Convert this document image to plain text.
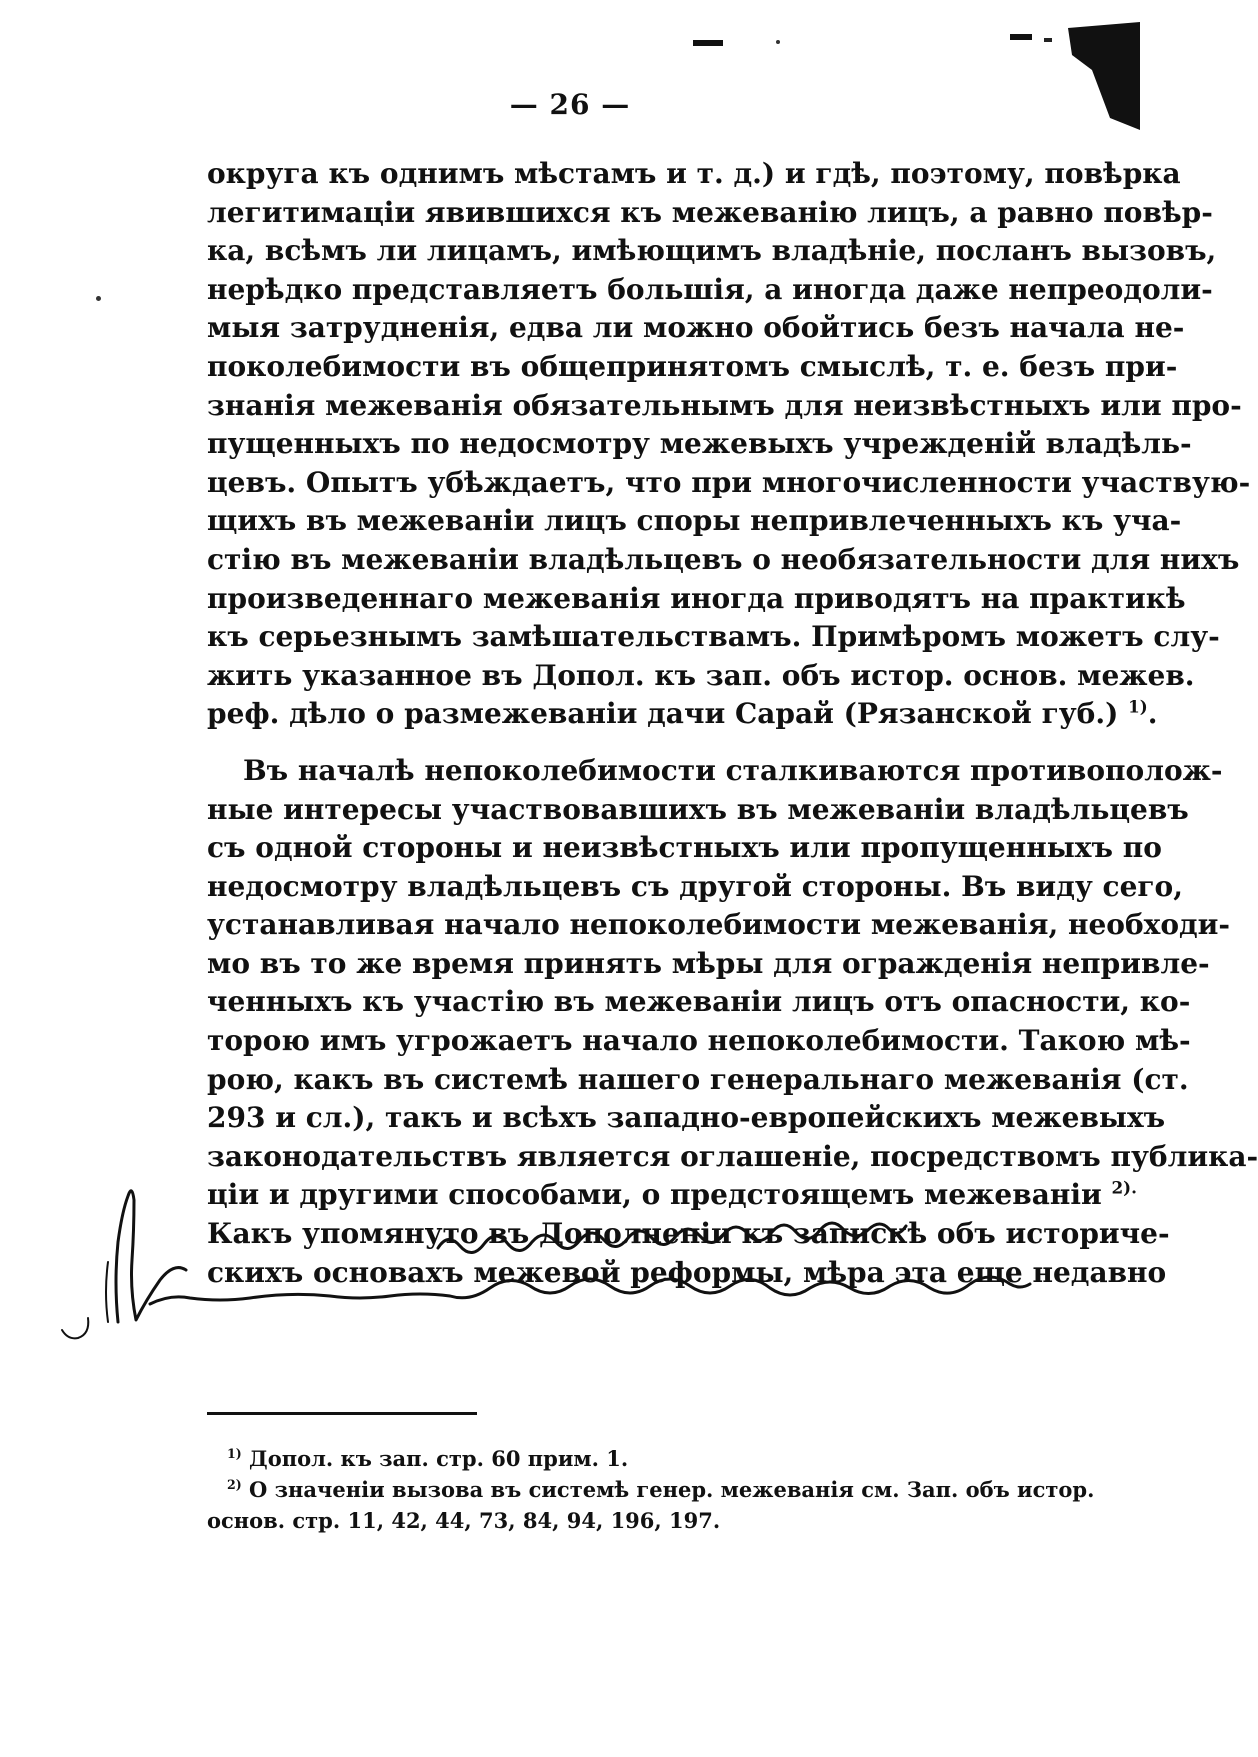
— 26 —
округа къ однимъ мѣстамъ и т. д.) и гдѣ, поэтому, повѣрка
легитимаціи явившихся къ межеванію лицъ, а равно повѣр-
ка, всѣмъ ли лицамъ, имѣющимъ владѣніе, посланъ вызовъ,
нерѣдко представляетъ большія, а иногда даже непреодоли-
мыя затрудненія, едва ли можно обойтись безъ начала не-
поколебимости въ общепринятомъ смыслѣ, т. е. безъ при-
знанія межеванія обязательнымъ для неизвѣстныхъ или про-
пущенныхъ по недосмотру межевыхъ учрежденій владѣль-
цевъ. Опытъ убѣждаетъ, что при многочисленности участвую-
щихъ въ межеваніи лицъ споры непривлеченныхъ къ уча-
стію въ межеваніи владѣльцевъ о необязательности для нихъ
произведеннаго межеванія иногда приводятъ на практикѣ
къ серьезнымъ замѣшательствамъ. Примѣромъ можетъ слу-
жить указанное въ Допол. къ зап. объ истор. основ. межев.
реф. дѣло о размежеваніи дачи Сарай (Рязанской губ.) $^{1)}$.
Въ началѣ непоколебимости сталкиваются противополож-
ные интересы участвовавшихъ въ межеваніи владѣльцевъ
съ одной стороны и неизвѣстныхъ или пропущенныхъ по
недосмотру владѣльцевъ съ другой стороны. Въ виду сего,
устанавливая начало непоколебимости межеванія, необходи-
мо въ то же время принять мѣры для огражденія непривле-
ченныхъ къ участію въ межеваніи лицъ отъ опасности, ко-
торою имъ угрожаетъ начало непоколебимости. Такою мѣ-
рою, какъ въ системѣ нашего генеральнаго межеванія (ст.
293 и сл.), такъ и всѣхъ западно-европейскихъ межевыхъ
законодательствъ является оглашеніе, посредствомъ публика-
ціи и другими способами, о предстоящемъ межеваніи $^{2).}$
Какъ упомянуто въ Дополненіи къ запискѣ объ историче-
скихъ основахъ межевой реформы, мѣра эта еще недавно
$^{1)}$ Допол. къ зап. стр. 60 прим. 1.
$^{2)}$ О значеніи вызова въ системѣ генер. межеванія см. Зап. объ истор.
основ. стр. 11, 42, 44, 73, 84, 94, 196, 197.
